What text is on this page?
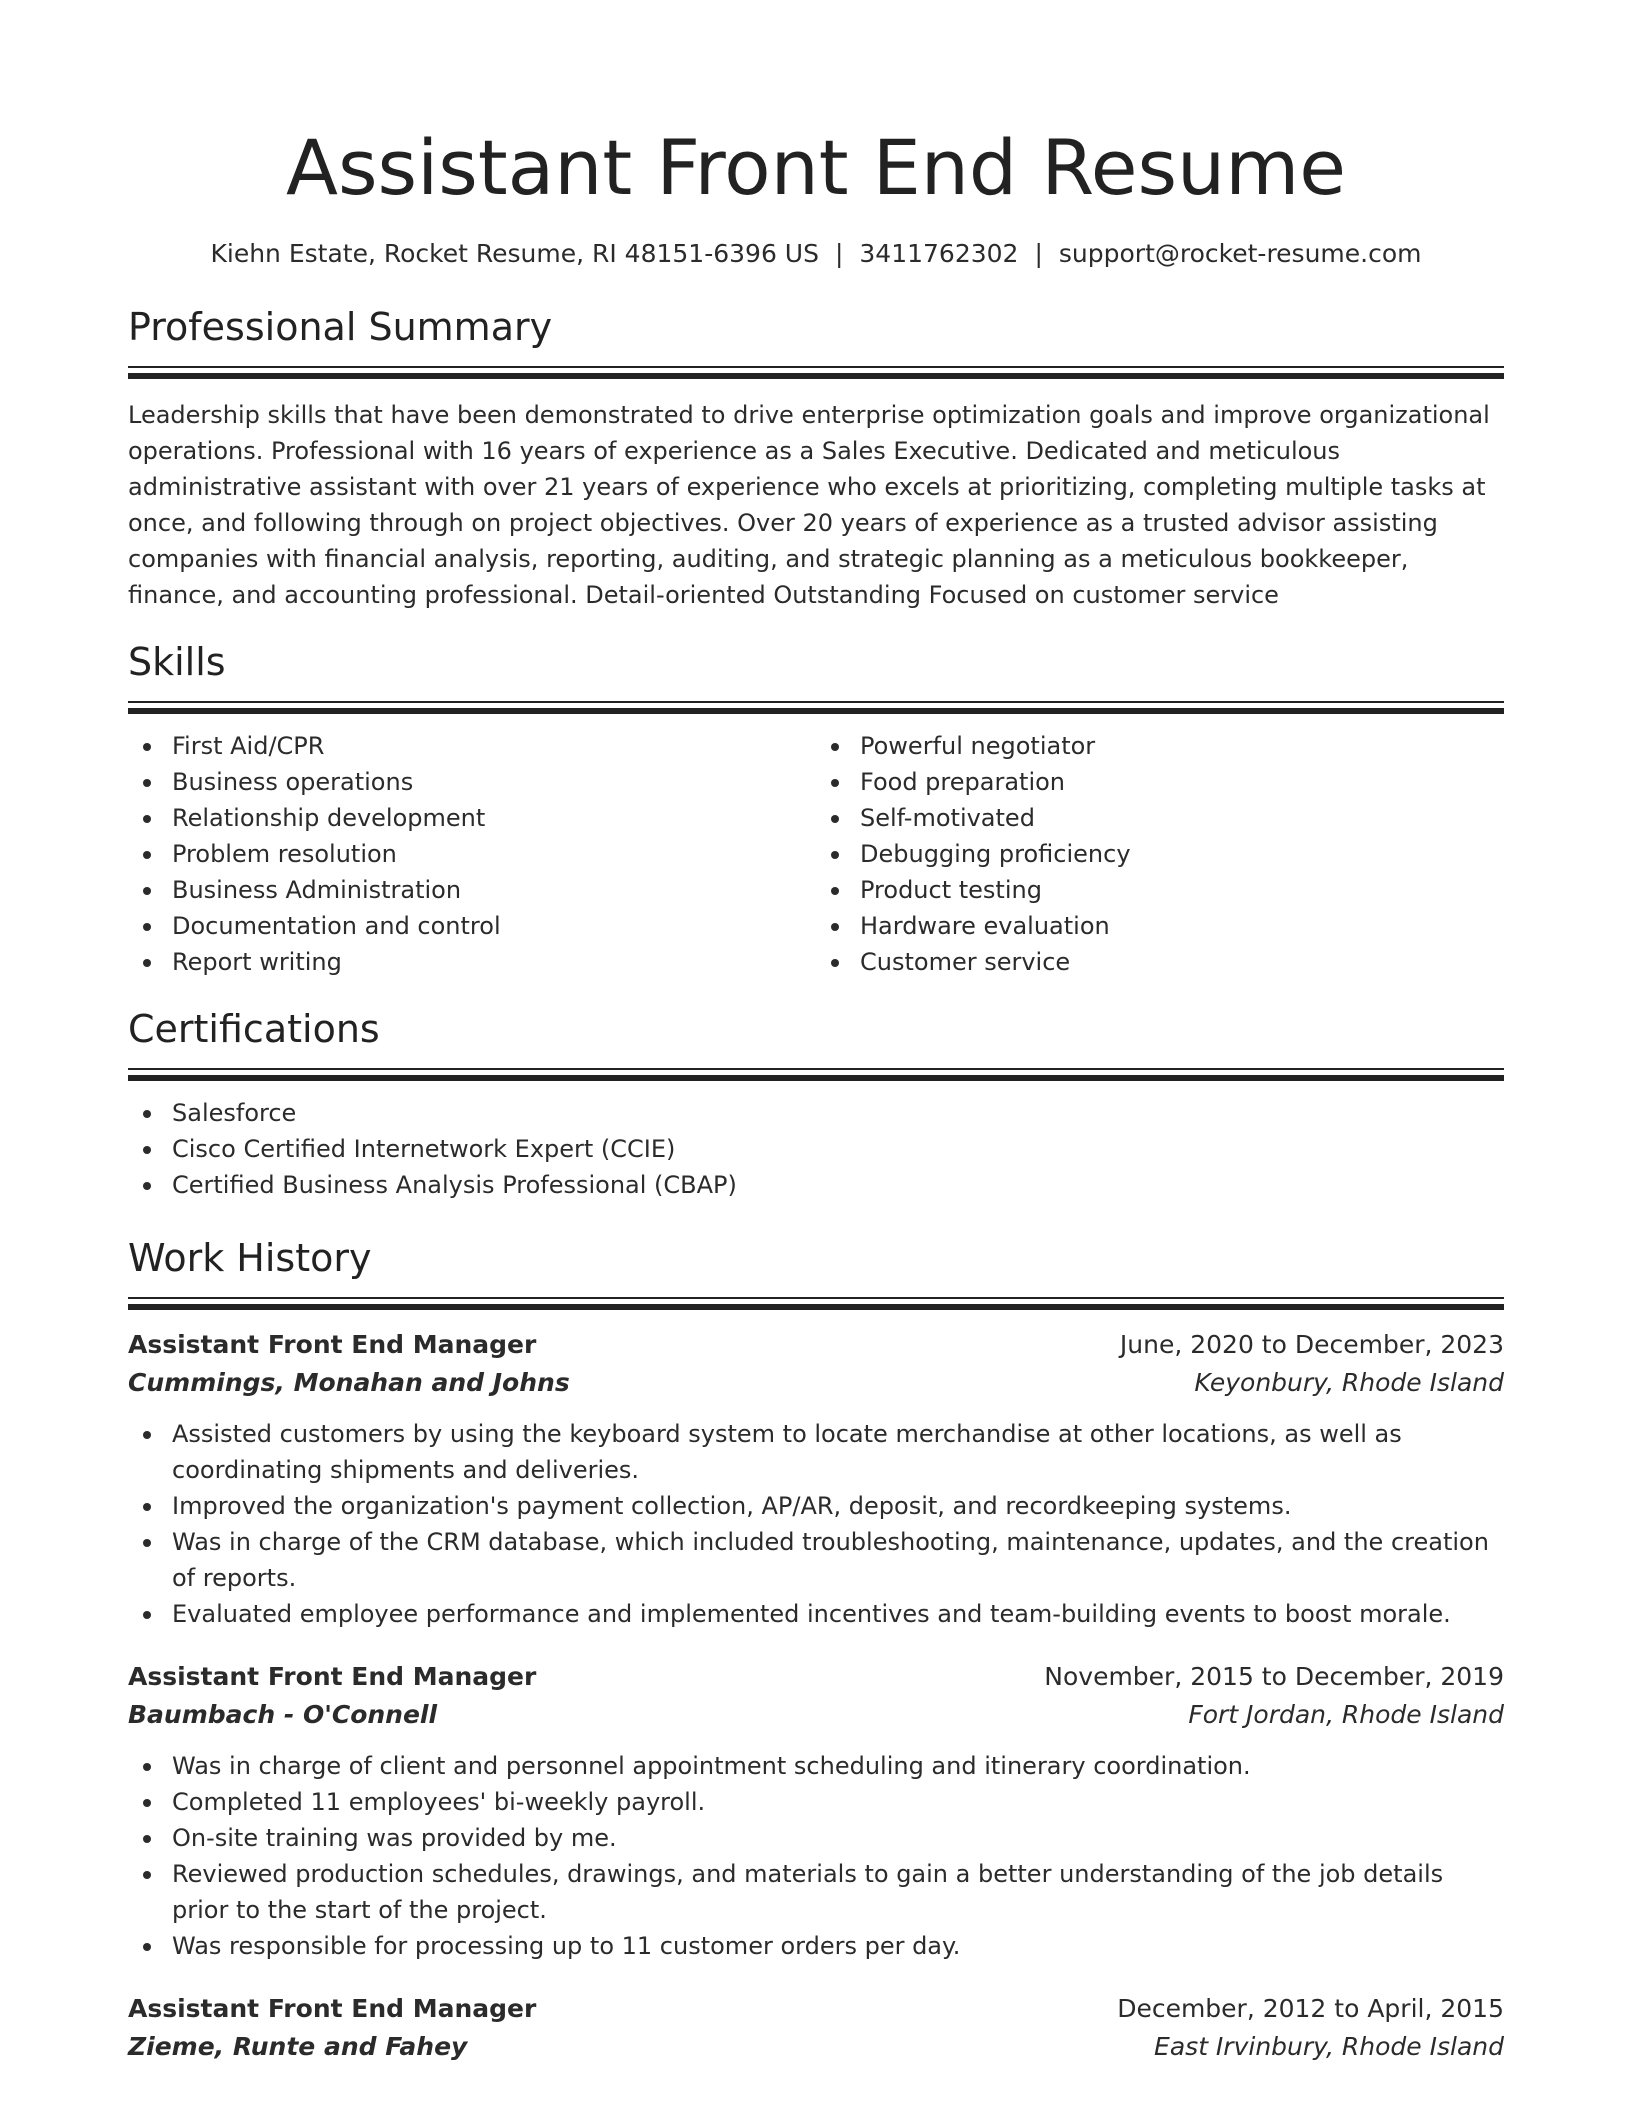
Assistant Front End Resume
Kiehn Estate, Rocket Resume, RI 48151-6396 US | 3411762302 | support@rocket-resume.com
Professional Summary

Leadership skills that have been demonstrated to drive enterprise optimization goals and improve organizational operations. Professional with 16 years of experience as a Sales Executive. Dedicated and meticulous administrative assistant with over 21 years of experience who excels at prioritizing, completing multiple tasks at once, and following through on project objectives. Over 20 years of experience as a trusted advisor assisting companies with financial analysis, reporting, auditing, and strategic planning as a meticulous bookkeeper, finance, and accounting professional. Detail-oriented Outstanding Focused on customer service

Skills
First Aid/CPR
Business operations
Relationship development
Problem resolution
Business Administration
Documentation and control
Report writing
Powerful negotiator
Food preparation
Self-motivated
Debugging proficiency
Product testing
Hardware evaluation
Customer service
Certifications
Salesforce
Cisco Certified Internetwork Expert (CCIE)
Certified Business Analysis Professional (CBAP)
Work History
Assistant Front End Manager	June, 2020 to December, 2023
Cummings, Monahan and Johns	Keyonbury, Rhode Island
Assisted customers by using the keyboard system to locate merchandise at other locations, as well as coordinating shipments and deliveries.
Improved the organization's payment collection, AP/AR, deposit, and recordkeeping systems.
Was in charge of the CRM database, which included troubleshooting, maintenance, updates, and the creation of reports.
Evaluated employee performance and implemented incentives and team-building events to boost morale.
Assistant Front End Manager	November, 2015 to December, 2019
Baumbach - O'Connell	Fort Jordan, Rhode Island
Was in charge of client and personnel appointment scheduling and itinerary coordination.
Completed 11 employees' bi-weekly payroll.
On-site training was provided by me.
Reviewed production schedules, drawings, and materials to gain a better understanding of the job details prior to the start of the project.
Was responsible for processing up to 11 customer orders per day.
Assistant Front End Manager	December, 2012 to April, 2015
Zieme, Runte and Fahey	East Irvinbury, Rhode Island
